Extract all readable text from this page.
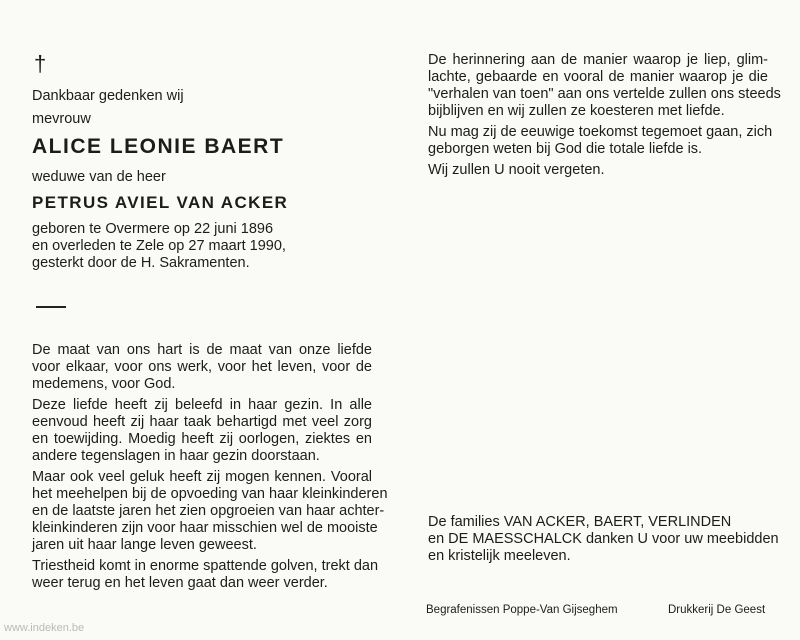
†
Dankbaar gedenken wij
mevrouw
ALICE LEONIE BAERT
weduwe van de heer
PETRUS AVIEL VAN ACKER
geboren te Overmere op 22 juni 1896
en overleden te Zele op 27 maart 1990,
gesterkt door de H. Sakramenten.
De maat van ons hart is de maat van onze liefde
voor elkaar, voor ons werk, voor het leven, voor de
medemens, voor God.
Deze liefde heeft zij beleefd in haar gezin. In alle
eenvoud heeft zij haar taak behartigd met veel zorg
en toewijding. Moedig heeft zij oorlogen, ziektes en
andere tegenslagen in haar gezin doorstaan.
Maar ook veel geluk heeft zij mogen kennen. Vooral
het meehelpen bij de opvoeding van haar kleinkinderen
en de laatste jaren het zien opgroeien van haar achter-
kleinkinderen zijn voor haar misschien wel de mooiste
jaren uit haar lange leven geweest.
Triestheid komt in enorme spattende golven, trekt dan
weer terug en het leven gaat dan weer verder.
De herinnering aan de manier waarop je liep, glim-
lachte, gebaarde en vooral de manier waarop je die
"verhalen van toen" aan ons vertelde zullen ons steeds
bijblijven en wij zullen ze koesteren met liefde.
Nu mag zij de eeuwige toekomst tegemoet gaan, zich
geborgen weten bij God die totale liefde is.
Wij zullen U nooit vergeten.
De families VAN ACKER, BAERT, VERLINDEN
en DE MAESSCHALCK danken U voor uw meebidden
en kristelijk meeleven.
Begrafenissen Poppe-Van Gijseghem	Drukkerij De Geest
www.indeken.be
